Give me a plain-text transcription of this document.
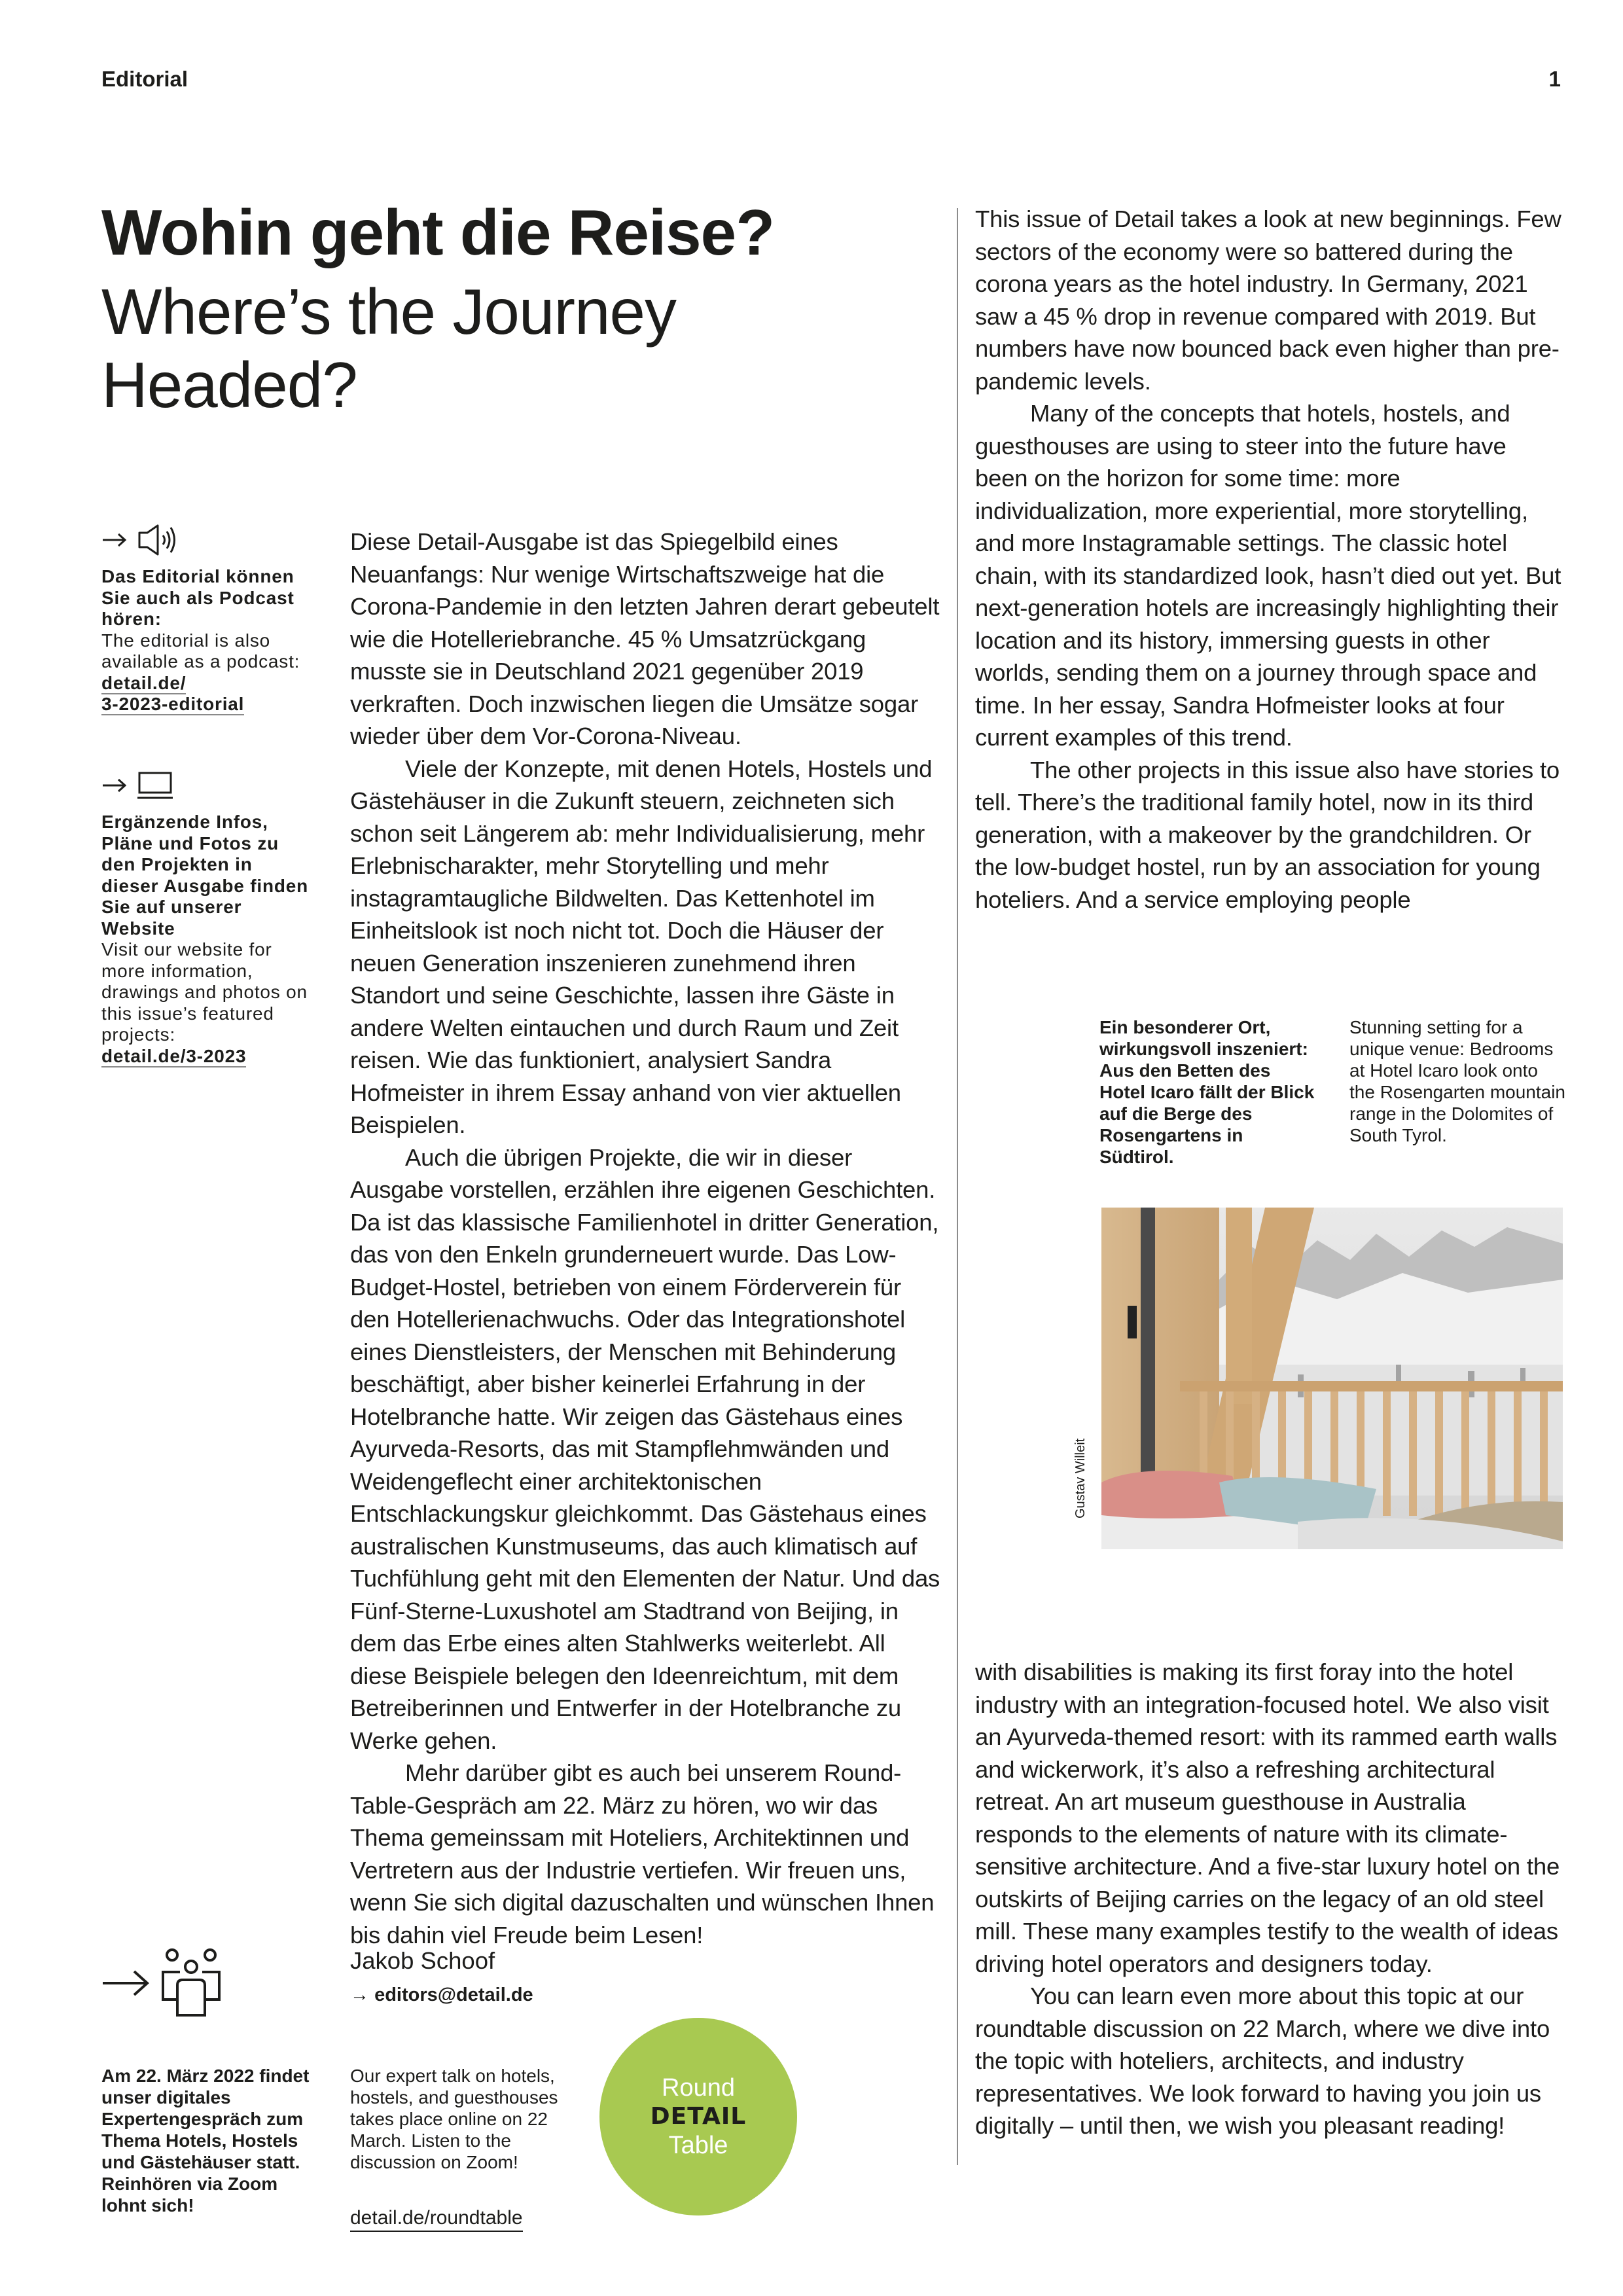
Editorial	1
Wohin geht die Reise?
Where’s the Journey Headed?
Das Editorial können Sie auch als Podcast hören:
The editorial is also available as a podcast:
detail.de/
3-2023-editorial
Ergänzende Infos, Pläne und Fotos zu den Projekten in dieser Ausgabe finden Sie auf unserer Website
Visit our website for more information, drawings and photos on this issue’s featured projects:
detail.de/3-2023

Diese Detail-Ausgabe ist das Spiegelbild eines Neuanfangs: Nur wenige Wirtschaftszweige hat die Corona-Pandemie in den letzten Jahren derart gebeutelt wie die Hotelleriebranche. 45 % Umsatzrückgang musste sie in Deutschland 2021 gegenüber 2019 verkraften. Doch inzwischen liegen die Umsätze sogar wieder über dem Vor-Corona-Niveau.

Viele der Konzepte, mit denen Hotels, Hostels und Gästehäuser in die Zukunft steuern, zeichneten sich schon seit Längerem ab: mehr Individualisierung, mehr Erlebnischarakter, mehr Storytelling und mehr instagramtaugliche Bildwelten. Das Kettenhotel im Einheitslook ist noch nicht tot. Doch die Häuser der neuen Generation inszenieren zunehmend ihren Standort und seine Geschichte, lassen ihre Gäste in andere Welten eintauchen und durch Raum und Zeit reisen. Wie das funktioniert, analysiert Sandra Hofmeister in ihrem Essay anhand von vier aktuellen Beispielen.

Auch die übrigen Projekte, die wir in dieser Ausgabe vorstellen, erzählen ihre eigenen Geschichten. Da ist das klassische Familienhotel in dritter Generation, das von den Enkeln grunderneuert wurde. Das Low-Budget-Hostel, betrieben von einem Förderverein für den Hotellerienachwuchs. Oder das Integrationshotel eines Dienstleisters, der Menschen mit Behinderung beschäftigt, aber bisher keinerlei Erfahrung in der Hotelbranche hatte. Wir zeigen das Gästehaus eines Ayurveda-Resorts, das mit Stampflehmwänden und Weidengeflecht einer architektonischen Entschlackungskur gleichkommt. Das Gästehaus eines australischen Kunstmuseums, das auch klimatisch auf Tuchfühlung geht mit den Elementen der Natur. Und das Fünf-Sterne-Luxushotel am Stadtrand von Beijing, in dem das Erbe eines alten Stahlwerks weiterlebt. All diese Beispiele belegen den Ideenreichtum, mit dem Betreiberinnen und Entwerfer in der Hotelbranche zu Werke gehen.

Mehr darüber gibt es auch bei unserem Round-Table-Gespräch am 22. März zu hören, wo wir das Thema gemeinssam mit Hoteliers, Architektinnen und Vertretern aus der Industrie vertiefen. Wir freuen uns, wenn Sie sich digital dazuschalten und wünschen Ihnen bis dahin viel Freude beim Lesen!

Jakob Schoof
→ editors@detail.de

This issue of Detail takes a look at new beginnings. Few sectors of the economy were so battered during the corona years as the hotel industry. In Germany, 2021 saw a 45 % drop in revenue compared with 2019. But numbers have now bounced back even higher than pre-pandemic levels.

Many of the concepts that hotels, hostels, and guesthouses are using to steer into the future have been on the horizon for some time: more individualization, more experiential, more storytelling, and more Instagramable settings. The classic hotel chain, with its standardized look, hasn’t died out yet. But next-generation hotels are increasingly highlighting their location and its history, immersing guests in other worlds, sending them on a journey through space and time. In her essay, Sandra Hofmeister looks at four current examples of this trend.

The other projects in this issue also have stories to tell. There’s the traditional family hotel, now in its third generation, with a makeover by the grandchildren. Or the low-budget hostel, run by an association for young hoteliers. And a service employing people

Ein besonderer Ort, wirkungsvoll inszeniert: Aus den Betten des Hotel Icaro fällt der Blick auf die Berge des Rosengartens in Südtirol.
Stunning setting for a unique venue: Bedrooms at Hotel Icaro look onto the Rosengarten mountain range in the Dolomites of South Tyrol.
Gustav Willeit

with disabilities is making its first foray into the hotel industry with an integration-focused hotel. We also visit an Ayurveda-themed resort: with its rammed earth walls and wickerwork, it’s also a refreshing architectural retreat. An art museum guesthouse in Australia responds to the elements of nature with its climate-sensitive architecture. And a five-star luxury hotel on the outskirts of Beijing carries on the legacy of an old steel mill. These many examples testify to the wealth of ideas driving hotel operators and designers today.

You can learn even more about this topic at our roundtable discussion on 22 March, where we dive into the topic with hoteliers, architects, and industry representatives. We look forward to having you join us digitally – until then, we wish you pleasant reading!

Am 22. März 2022 findet unser digitales Expertengespräch zum Thema Hotels, Hostels und Gästehäuser statt. Reinhören via Zoom lohnt sich!
Our expert talk on hotels, hostels, and guesthouses takes place online on 22 March. Listen to the discussion on Zoom!
detail.de/roundtable
Round
DETAIL
Table
